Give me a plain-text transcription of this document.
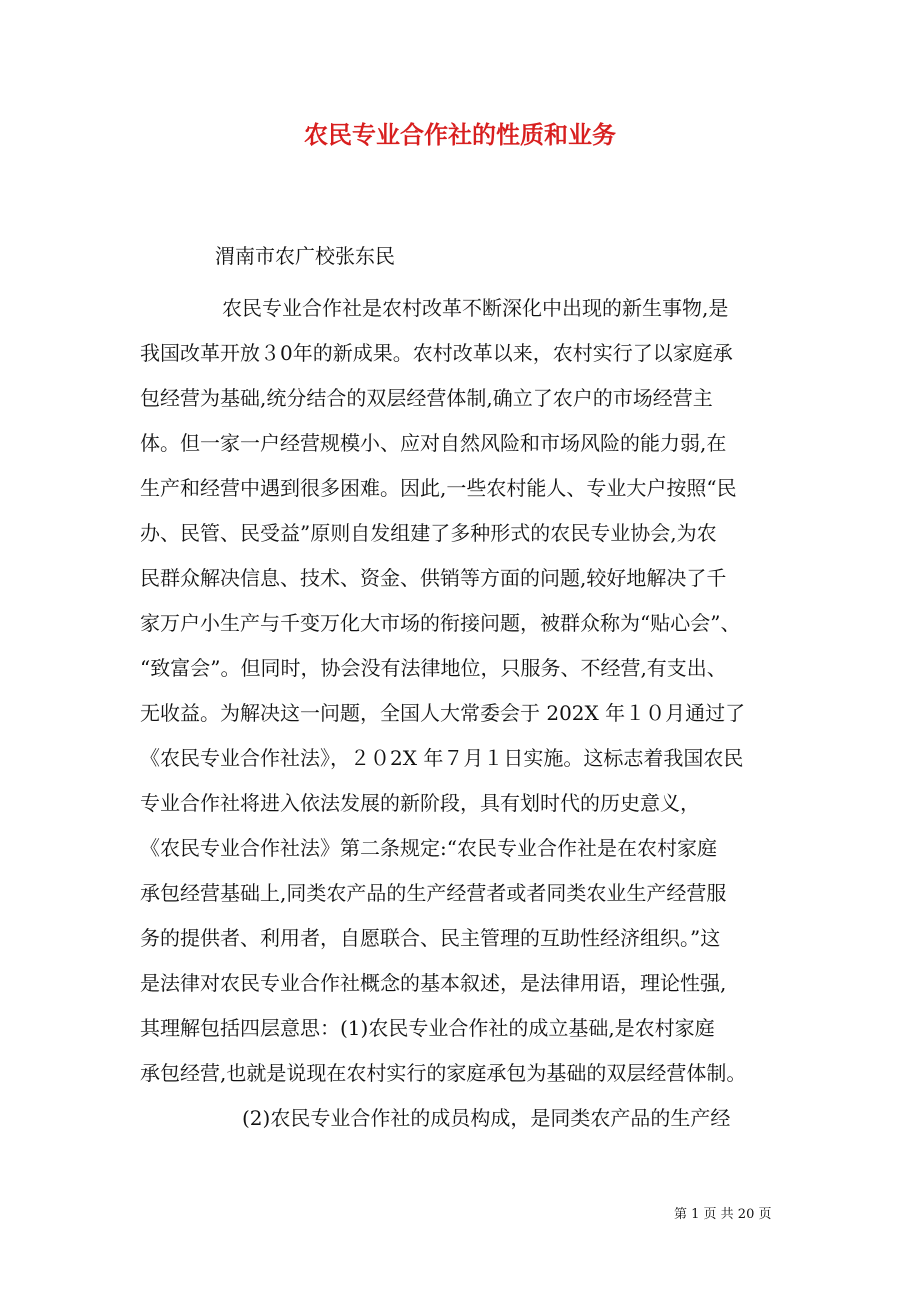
农民专业合作社的性质和业务
渭南市农广校张东民
农民专业合作社是农村改革不断深化中出现的新生事物,是
我国改革开放３0年的新成果。农村改革以来，农村实行了以家庭承
包经营为基础,统分结合的双层经营体制,确立了农户的市场经营主
体。但一家一户经营规模小、应对自然风险和市场风险的能力弱,在
生产和经营中遇到很多困难。因此,一些农村能人、专业大户按照“民
办、民管、民受益”原则自发组建了多种形式的农民专业协会,为农
民群众解决信息、技术、资金、供销等方面的问题,较好地解决了千
家万户小生产与千变万化大市场的衔接问题，被群众称为“贴心会”、
“致富会”。但同时，协会没有法律地位，只服务、不经营,有支出、
无收益。为解决这一问题，全国人大常委会于 202X 年１０月通过了
《农民专业合作社法》，２０2X 年７月１日实施。这标志着我国农民
专业合作社将进入依法发展的新阶段，具有划时代的历史意义，
《农民专业合作社法》第二条规定:“农民专业合作社是在农村家庭
承包经营基础上,同类农产品的生产经营者或者同类农业生产经营服
务的提供者、利用者，自愿联合、民主管理的互助性经济组织。”这
是法律对农民专业合作社概念的基本叙述，是法律用语，理论性强,
其理解包括四层意思：(1)农民专业合作社的成立基础,是农村家庭
承包经营,也就是说现在农村实行的家庭承包为基础的双层经营体制。
(2)农民专业合作社的成员构成，是同类农产品的生产经
第 1 页 共 20 页
